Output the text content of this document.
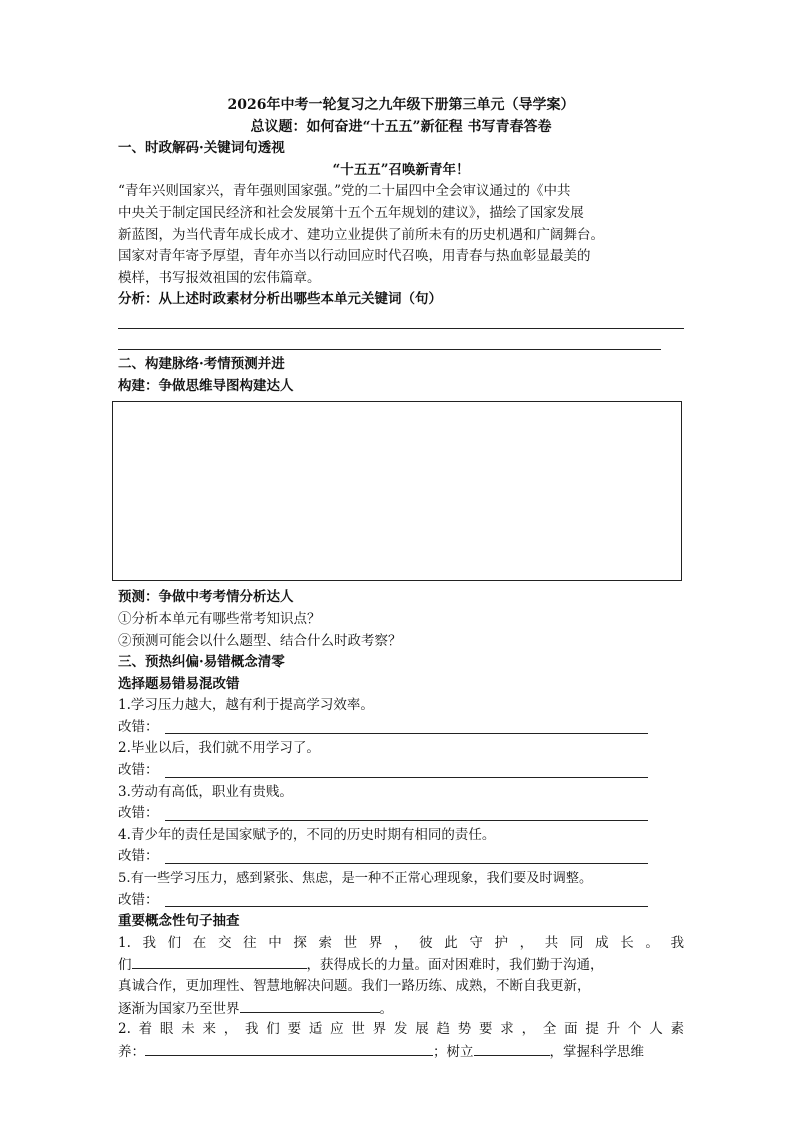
2026年中考一轮复习之九年级下册第三单元（导学案）
总议题：如何奋进“十五五”新征程 书写青春答卷
一、时政解码·关键词句透视
“十五五”召唤新青年！
“青年兴则国家兴，青年强则国家强。”党的二十届四中全会审议通过的《中共
中央关于制定国民经济和社会发展第十五个五年规划的建议》，描绘了国家发展
新蓝图，为当代青年成长成才、建功立业提供了前所未有的历史机遇和广阔舞台。
国家对青年寄予厚望，青年亦当以行动回应时代召唤，用青春与热血彰显最美的
模样，书写报效祖国的宏伟篇章。
分析：从上述时政素材分析出哪些本单元关键词（句）
二、构建脉络·考情预测并进
构建：争做思维导图构建达人
预测：争做中考考情分析达人
①分析本单元有哪些常考知识点？
②预测可能会以什么题型、结合什么时政考察？
三、预热纠偏·易错概念清零
选择题易错易混改错
1.学习压力越大，越有利于提高学习效率。
改错：
2.毕业以后，我们就不用学习了。
改错：
3.劳动有高低，职业有贵贱。
改错：
4.青少年的责任是国家赋予的，不同的历史时期有相同的责任。
改错：
5.有一些学习压力，感到紧张、焦虑，是一种不正常心理现象，我们要及时调整。
改错：
重要概念性句子抽查
1.我们在交往中探索世界，彼此守护，共同成长。我
们	，获得成长的力量。面对困难时，我们勤于沟通，
真诚合作，更加理性、智慧地解决问题。我们一路历练、成熟，不断自我更新，
逐渐为国家乃至世界	。
2.着眼未来，我们要适应世界发展趋势要求，全面提升个人素
养：	；树立	，掌握科学思维
